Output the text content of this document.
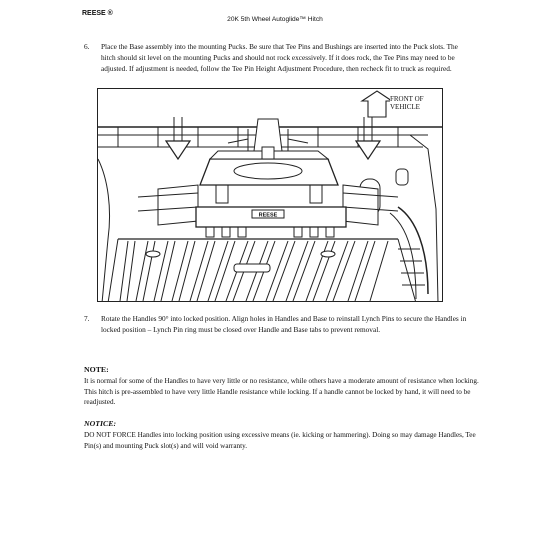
REESE ®
20K 5th Wheel Autoglide™ Hitch
6. Place the Base assembly into the mounting Pucks. Be sure that Tee Pins and Bushings are inserted into the Puck slots. The hitch should sit level on the mounting Pucks and should not rock excessively. If it does rock, the Tee Pins may need to be adjusted. If adjustment is needed, follow the Tee Pin Height Adjustment Procedure, then recheck fit to truck as required.
REESE
FRONT OF
VEHICLE
7. Rotate the Handles 90° into locked position. Align holes in Handles and Base to reinstall Lynch Pins to secure the Handles in locked position – Lynch Pin ring must be closed over Handle and Base tabs to prevent removal.
NOTE:
It is normal for some of the Handles to have very little or no resistance, while others have a moderate amount of resistance when locking. This hitch is pre-assembled to have very little Handle resistance while locking. If a handle cannot be locked by hand, it will need to be readjusted.
NOTICE:
DO NOT FORCE Handles into locking position using excessive means (ie. kicking or hammering). Doing so may damage Handles, Tee Pin(s) and mounting Puck slot(s) and will void warranty.
